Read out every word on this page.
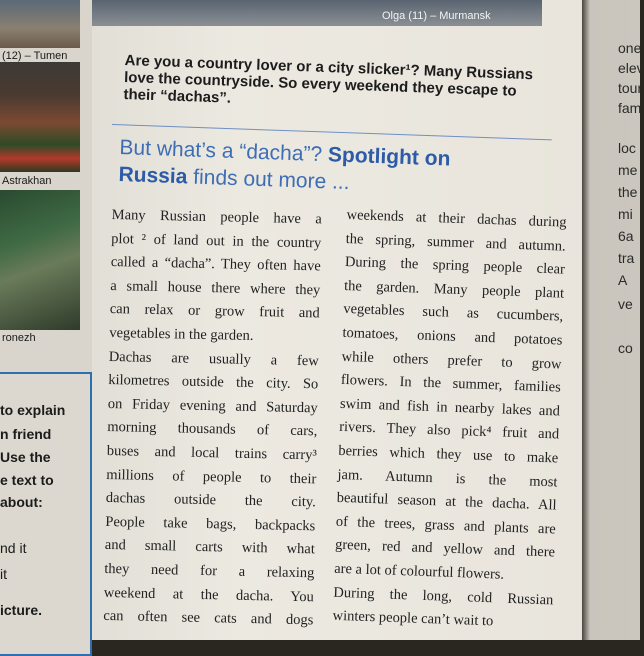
(12) – Tumen
Astrakhan
ronezh
to explain
n friend
Use the
e text to
about:
nd it
it
icture.
Olga (11) – Murmansk
Are you a country lover or a city slicker¹? Many Russians love the countryside. So every weekend they escape to their “dachas”.
But what’s a “dacha”? Spotlight on
Russia finds out more ...
Many Russian people have a
plot ² of land out in the country
called a “dacha”. They often have
a small house there where they
can relax or grow fruit and
vegetables in the garden.
Dachas are usually a few
kilometres outside the city. So
on Friday evening and Saturday
morning thousands of cars,
buses and local trains carry³
millions of people to their
dachas outside the city.
People take bags, backpacks
and small carts with what
they need for a relaxing
weekend at the dacha. You
can often see cats and dogs
weekends at their dachas during
the spring, summer and autumn.
During the spring people clear
the garden. Many people plant
vegetables such as cucumbers,
tomatoes, onions and potatoes
while others prefer to grow
flowers. In the summer, families
swim and fish in nearby lakes and
rivers. They also pick⁴ fruit and
berries which they use to make
jam. Autumn is the most
beautiful season at the dacha. All
of the trees, grass and plants are
green, red and yellow and there
are a lot of colourful flowers.
During the long, cold Russian
winters people can’t wait to
one
elev
tour
fam
loc
me
the
mi
6a
tra
A
ve
co
